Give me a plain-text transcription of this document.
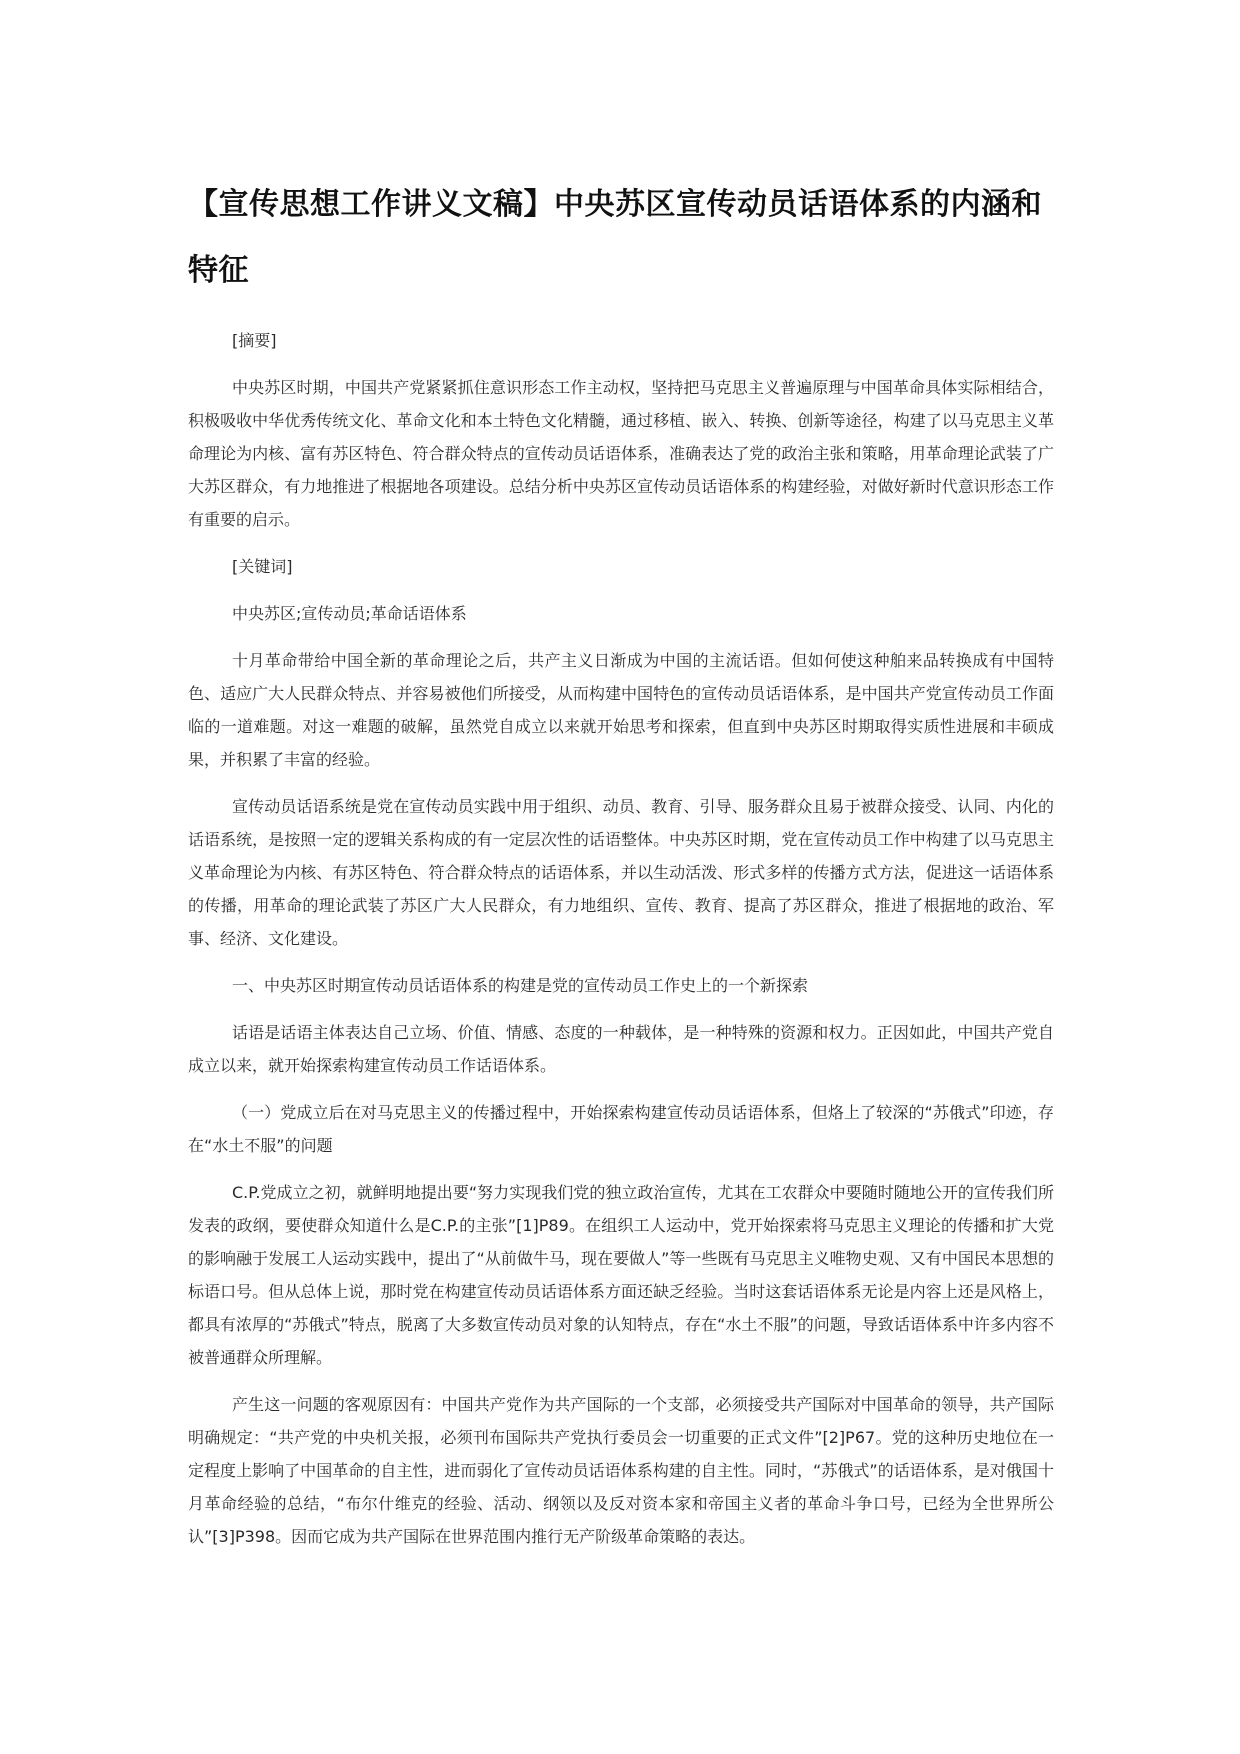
【宣传思想工作讲义文稿】中央苏区宣传动员话语体系的内涵和特征

[摘要]

中央苏区时期，中国共产党紧紧抓住意识形态工作主动权，坚持把马克思主义普遍原理与中国革命具体实际相结合，积极吸收中华优秀传统文化、革命文化和本土特色文化精髓，通过移植、嵌入、转换、创新等途径，构建了以马克思主义革命理论为内核、富有苏区特色、符合群众特点的宣传动员话语体系，准确表达了党的政治主张和策略，用革命理论武装了广大苏区群众，有力地推进了根据地各项建设。总结分析中央苏区宣传动员话语体系的构建经验，对做好新时代意识形态工作有重要的启示。

[关键词]

中央苏区;宣传动员;革命话语体系

十月革命带给中国全新的革命理论之后，共产主义日渐成为中国的主流话语。但如何使这种舶来品转换成有中国特色、适应广大人民群众特点、并容易被他们所接受，从而构建中国特色的宣传动员话语体系，是中国共产党宣传动员工作面临的一道难题。对这一难题的破解，虽然党自成立以来就开始思考和探索，但直到中央苏区时期取得实质性进展和丰硕成果，并积累了丰富的经验。

宣传动员话语系统是党在宣传动员实践中用于组织、动员、教育、引导、服务群众且易于被群众接受、认同、内化的话语系统，是按照一定的逻辑关系构成的有一定层次性的话语整体。中央苏区时期，党在宣传动员工作中构建了以马克思主义革命理论为内核、有苏区特色、符合群众特点的话语体系，并以生动活泼、形式多样的传播方式方法，促进这一话语体系的传播，用革命的理论武装了苏区广大人民群众，有力地组织、宣传、教育、提高了苏区群众，推进了根据地的政治、军事、经济、文化建设。

一、中央苏区时期宣传动员话语体系的构建是党的宣传动员工作史上的一个新探索

话语是话语主体表达自己立场、价值、情感、态度的一种载体，是一种特殊的资源和权力。正因如此，中国共产党自成立以来，就开始探索构建宣传动员工作话语体系。

（一）党成立后在对马克思主义的传播过程中，开始探索构建宣传动员话语体系，但烙上了较深的“苏俄式”印迹，存在“水土不服”的问题

C.P.党成立之初，就鲜明地提出要“努力实现我们党的独立政治宣传，尤其在工农群众中要随时随地公开的宣传我们所发表的政纲，要使群众知道什么是C.P.的主张”[1]P89。在组织工人运动中，党开始探索将马克思主义理论的传播和扩大党的影响融于发展工人运动实践中，提出了“从前做牛马，现在要做人”等一些既有马克思主义唯物史观、又有中国民本思想的标语口号。但从总体上说，那时党在构建宣传动员话语体系方面还缺乏经验。当时这套话语体系无论是内容上还是风格上，都具有浓厚的“苏俄式”特点，脱离了大多数宣传动员对象的认知特点，存在“水土不服”的问题，导致话语体系中许多内容不被普通群众所理解。

产生这一问题的客观原因有：中国共产党作为共产国际的一个支部，必须接受共产国际对中国革命的领导，共产国际明确规定：“共产党的中央机关报，必须刊布国际共产党执行委员会一切重要的正式文件”[2]P67。党的这种历史地位在一定程度上影响了中国革命的自主性，进而弱化了宣传动员话语体系构建的自主性。同时，“苏俄式”的话语体系，是对俄国十月革命经验的总结，“布尔什维克的经验、活动、纲领以及反对资本家和帝国主义者的革命斗争口号，已经为全世界所公认”[3]P398。因而它成为共产国际在世界范围内推行无产阶级革命策略的表达。
